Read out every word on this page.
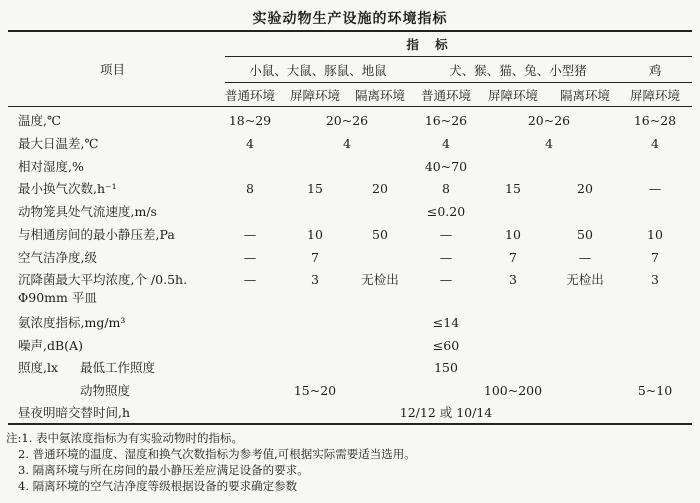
实验动物生产设施的环境指标
项目
指 标
小鼠、大鼠、豚鼠、地鼠	犬、猴、猫、兔、小型猪	鸡
普通环境 屏障环境 隔离环境 普通环境 屏障环境 隔离环境 屏障环境
温度,℃	18~29	20~26	16~26	20~26	16~28
最大日温差,℃	4	4	4	4	4
相对湿度,%	40~70
最小换气次数,h⁻¹	8	15	20	8	15	20	—
动物笼具处气流速度,m/s	≤0.20
与相通房间的最小静压差,Pa	—	10	50	—	10	50	10
空气洁净度,级	—	7	—	7	—	7
沉降菌最大平均浓度,个 /0.5h.
Φ90mm 平皿
—	3	无检出	—	3	无检出	3
氨浓度指标,mg/m³	≤14
噪声,dB(A)	≤60
照度,lx 最低工作照度	150
动物照度	15~20	100~200	5~10
昼夜明暗交替时间,h	12/12 或 10/14
注:1. 表中氨浓度指标为有实验动物时的指标。
2. 普通环境的温度、湿度和换气次数指标为参考值,可根据实际需要适当选用。
3. 隔离环境与所在房间的最小静压差应满足设备的要求。
4. 隔离环境的空气洁净度等级根据设备的要求确定参数
